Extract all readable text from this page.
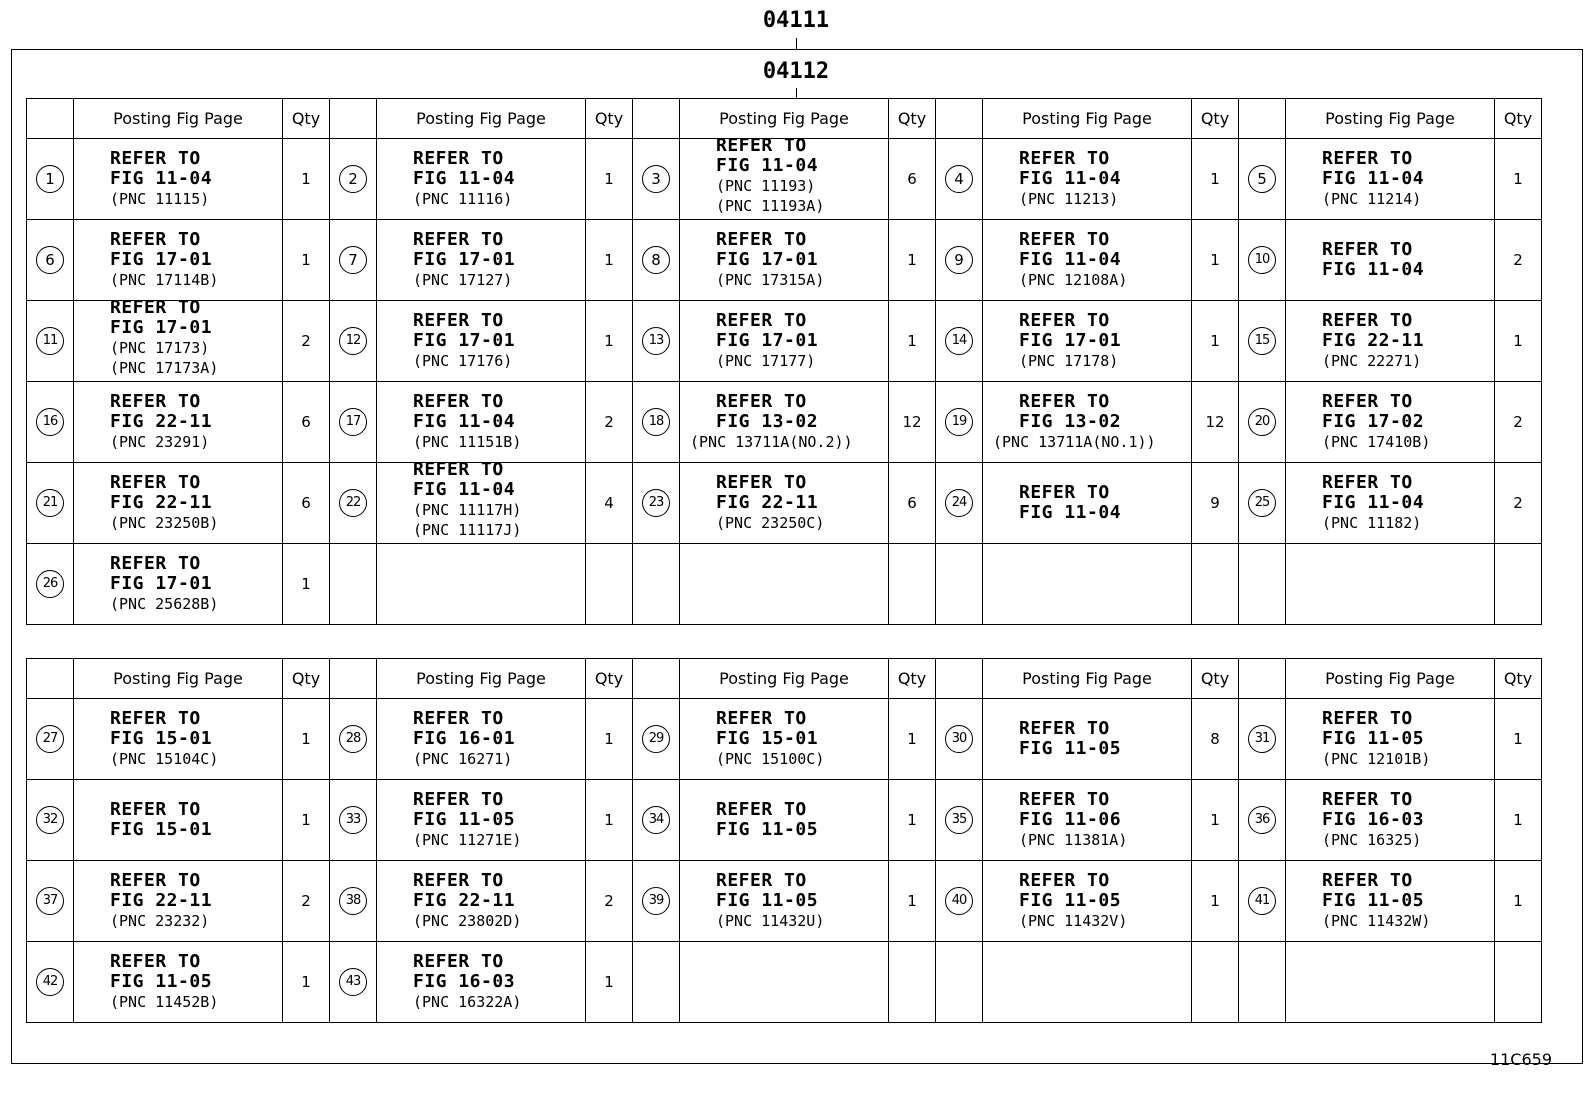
04111
04112
	Posting Fig Page	Qty		Posting Fig Page	Qty		Posting Fig Page	Qty		Posting Fig Page	Qty		Posting Fig Page	Qty
1	REFER TO
FIG 11-04
(PNC 11115)	1	2	REFER TO
FIG 11-04
(PNC 11116)	1	3	REFER TO
FIG 11-04
(PNC 11193)
(PNC 11193A)	6	4	REFER TO
FIG 11-04
(PNC 11213)	1	5	REFER TO
FIG 11-04
(PNC 11214)	1
6	REFER TO
FIG 17-01
(PNC 17114B)	1	7	REFER TO
FIG 17-01
(PNC 17127)	1	8	REFER TO
FIG 17-01
(PNC 17315A)	1	9	REFER TO
FIG 11-04
(PNC 12108A)	1	10	REFER TO
FIG 11-04	2
11	REFER TO
FIG 17-01
(PNC 17173)
(PNC 17173A)	2	12	REFER TO
FIG 17-01
(PNC 17176)	1	13	REFER TO
FIG 17-01
(PNC 17177)	1	14	REFER TO
FIG 17-01
(PNC 17178)	1	15	REFER TO
FIG 22-11
(PNC 22271)	1
16	REFER TO
FIG 22-11
(PNC 23291)	6	17	REFER TO
FIG 11-04
(PNC 11151B)	2	18	REFER TO
FIG 13-02
(PNC 13711A(NO.2))	12	19	REFER TO
FIG 13-02
(PNC 13711A(NO.1))	12	20	REFER TO
FIG 17-02
(PNC 17410B)	2
21	REFER TO
FIG 22-11
(PNC 23250B)	6	22	REFER TO
FIG 11-04
(PNC 11117H)
(PNC 11117J)	4	23	REFER TO
FIG 22-11
(PNC 23250C)	6	24	REFER TO
FIG 11-04	9	25	REFER TO
FIG 11-04
(PNC 11182)	2
26	REFER TO
FIG 17-01
(PNC 25628B)	1												
	Posting Fig Page	Qty		Posting Fig Page	Qty		Posting Fig Page	Qty		Posting Fig Page	Qty		Posting Fig Page	Qty
27	REFER TO
FIG 15-01
(PNC 15104C)	1	28	REFER TO
FIG 16-01
(PNC 16271)	1	29	REFER TO
FIG 15-01
(PNC 15100C)	1	30	REFER TO
FIG 11-05	8	31	REFER TO
FIG 11-05
(PNC 12101B)	1
32	REFER TO
FIG 15-01	1	33	REFER TO
FIG 11-05
(PNC 11271E)	1	34	REFER TO
FIG 11-05	1	35	REFER TO
FIG 11-06
(PNC 11381A)	1	36	REFER TO
FIG 16-03
(PNC 16325)	1
37	REFER TO
FIG 22-11
(PNC 23232)	2	38	REFER TO
FIG 22-11
(PNC 23802D)	2	39	REFER TO
FIG 11-05
(PNC 11432U)	1	40	REFER TO
FIG 11-05
(PNC 11432V)	1	41	REFER TO
FIG 11-05
(PNC 11432W)	1
42	REFER TO
FIG 11-05
(PNC 11452B)	1	43	REFER TO
FIG 16-03
(PNC 16322A)	1									
11C659
